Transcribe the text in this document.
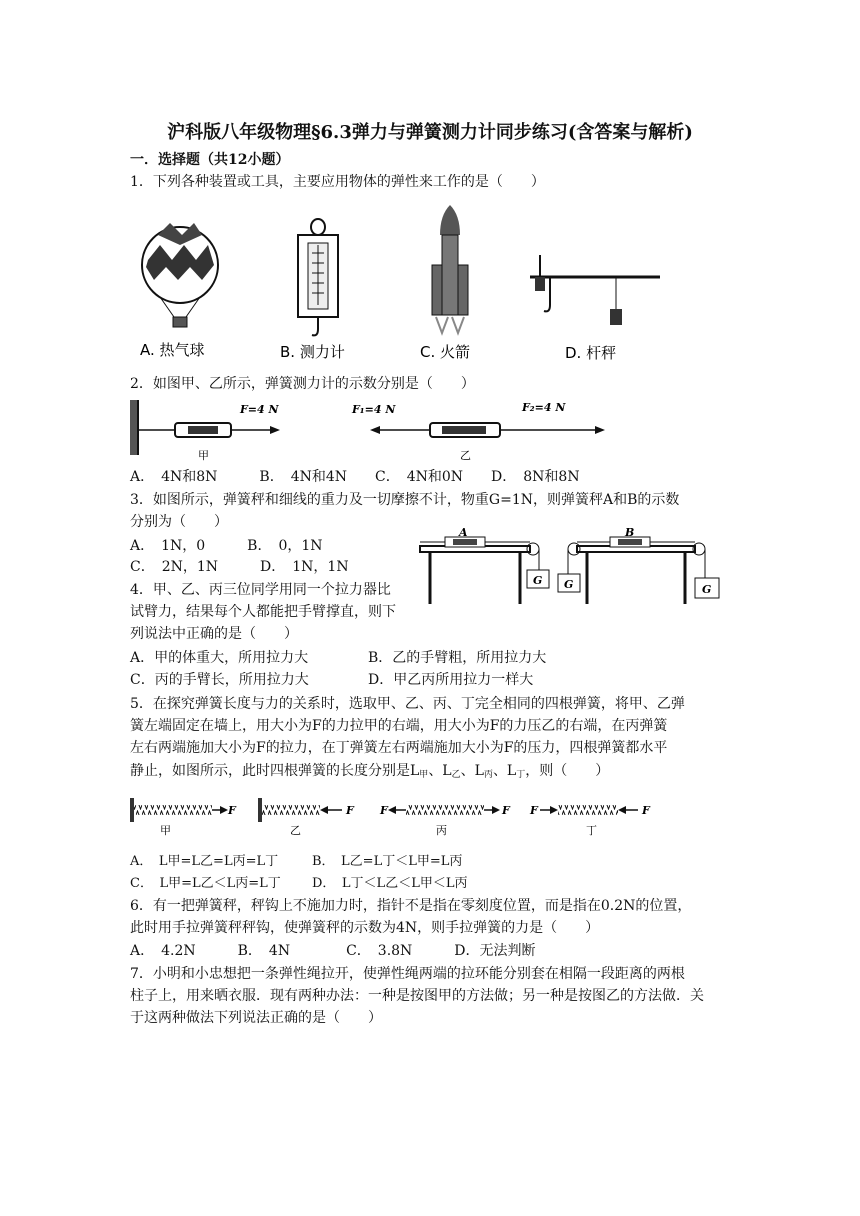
沪科版八年级物理§6.3弹力与弹簧测力计同步练习(含答案与解析)
一．选择题（共12小题）
1．下列各种装置或工具，主要应用物体的弹性来工作的是（　　）
A. 热气球	B. 测力计	C. 火箭	D. 杆秤
2．如图甲、乙所示，弹簧测力计的示数分别是（　　）
F=4 N
甲
F₁=4 N	F₂=4 N
乙
A．　4N和8N　　　B．　4N和4N　　C．　4N和0N　　D．　8N和8N
3．如图所示，弹簧秤和细线的重力及一切摩擦不计，物重G=1N，则弹簧秤A和B的示数
分别为（　　）
A．　1N，0　　　B．　0，1N
C．　2N，1N　　　D．　1N，1N
G
A
G	G
B
4．甲、乙、丙三位同学用同一个拉力器比
试臂力，结果每个人都能把手臂撑直，则下
列说法中正确的是（　　）
A．甲的体重大，所用拉力大	B．乙的手臂粗，所用拉力大
C．丙的手臂长，所用拉力大	D．甲乙丙所用拉力一样大
5．在探究弹簧长度与力的关系时，选取甲、乙、丙、丁完全相同的四根弹簧，将甲、乙弹
簧左端固定在墙上，用大小为F的力拉甲的右端，用大小为F的力压乙的右端，在丙弹簧
左右两端施加大小为F的拉力，在丁弹簧左右两端施加大小为F的压力，四根弹簧都水平
静止，如图所示，此时四根弹簧的长度分别是$L_甲$、$L_乙$、$L_丙$、$L_丁$，则（　　）
F
甲
F
乙
F	F
丙
F	F
丁
A．　L甲=L乙=L丙=L丁	B．　L乙=L丁＜L甲=L丙
C．　L甲=L乙＜L丙=L丁 D．　L丁＜L乙＜L甲＜L丙
6．有一把弹簧秤，秤钩上不施加力时，指针不是指在零刻度位置，而是指在0.2N的位置，
此时用手拉弹簧秤秤钩，使弹簧秤的示数为4N，则手拉弹簧的力是（　　）
A．　4.2N　　　B．　4N　　　　C．　3.8N　　　D．无法判断
7．小明和小忠想把一条弹性绳拉开，使弹性绳两端的拉环能分别套在相隔一段距离的两根
柱子上，用来晒衣服．现有两种办法：一种是按图甲的方法做；另一种是按图乙的方法做．关
于这两种做法下列说法正确的是（　　）
